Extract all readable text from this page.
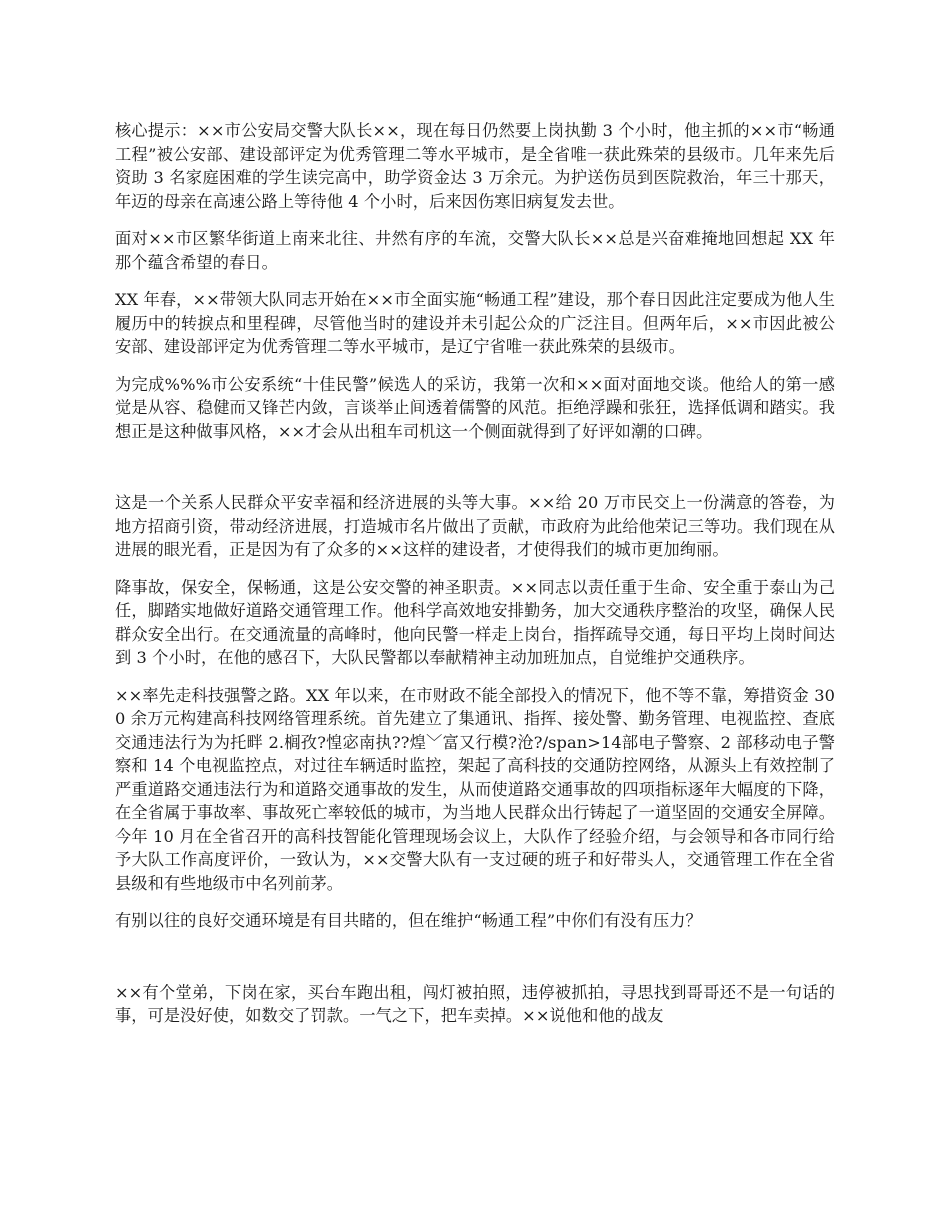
核心提示：××市公安局交警大队长××，现在每日仍然要上岗执勤 3 个小时，他主抓的××市“畅通工程”被公安部、建设部评定为优秀管理二等水平城市，是全省唯一获此殊荣的县级市。几年来先后资助 3 名家庭困难的学生读完高中，助学资金达 3 万余元。为护送伤员到医院救治，年三十那天，年迈的母亲在高速公路上等待他 4 个小时，后来因伤寒旧病复发去世。

面对××市区繁华街道上南来北往、井然有序的车流，交警大队长××总是兴奋难掩地回想起 XX 年那个蕴含希望的春日。

XX 年春，××带领大队同志开始在××市全面实施“畅通工程”建设，那个春日因此注定要成为他人生履历中的转捩点和里程碑，尽管他当时的建设并未引起公众的广泛注目。但两年后，××市因此被公安部、建设部评定为优秀管理二等水平城市，是辽宁省唯一获此殊荣的县级市。

为完成%%%市公安系统“十佳民警”候选人的采访，我第一次和××面对面地交谈。他给人的第一感觉是从容、稳健而又锋芒内敛，言谈举止间透着儒警的风范。拒绝浮躁和张狂，选择低调和踏实。我想正是这种做事风格，××才会从出租车司机这一个侧面就得到了好评如潮的口碑。

这是一个关系人民群众平安幸福和经济进展的头等大事。××给 20 万市民交上一份满意的答卷，为地方招商引资，带动经济进展，打造城市名片做出了贡献，市政府为此给他荣记三等功。我们现在从进展的眼光看，正是因为有了众多的××这样的建设者，才使得我们的城市更加绚丽。

降事故，保安全，保畅通，这是公安交警的神圣职责。××同志以责任重于生命、安全重于泰山为己任，脚踏实地做好道路交通管理工作。他科学高效地安排勤务，加大交通秩序整治的攻坚，确保人民群众安全出行。在交通流量的高峰时，他向民警一样走上岗台，指挥疏导交通，每日平均上岗时间达到 3 个小时，在他的感召下，大队民警都以奉献精神主动加班加点，自觉维护交通秩序。

××率先走科技强警之路。XX 年以来，在市财政不能全部投入的情况下，他不等不靠，筹措资金 300 余万元构建高科技网络管理系统。首先建立了集通讯、指挥、接处警、勤务管理、电视监控、查底交通违法行为为托畔 2.榈孜?惶宓南执??煌﹀富又行模?沧?/span>14部电子警察、2 部移动电子警察和 14 个电视监控点，对过往车辆适时监控，架起了高科技的交通防控网络，从源头上有效控制了严重道路交通违法行为和道路交通事故的发生，从而使道路交通事故的四项指标逐年大幅度的下降，在全省属于事故率、事故死亡率较低的城市，为当地人民群众出行铸起了一道坚固的交通安全屏障。今年 10 月在全省召开的高科技智能化管理现场会议上，大队作了经验介绍，与会领导和各市同行给予大队工作高度评价，一致认为，××交警大队有一支过硬的班子和好带头人，交通管理工作在全省县级和有些地级市中名列前茅。

有别以往的良好交通环境是有目共睹的，但在维护“畅通工程”中你们有没有压力？

××有个堂弟，下岗在家，买台车跑出租，闯灯被拍照，违停被抓拍，寻思找到哥哥还不是一句话的事，可是没好使，如数交了罚款。一气之下，把车卖掉。××说他和他的战友
